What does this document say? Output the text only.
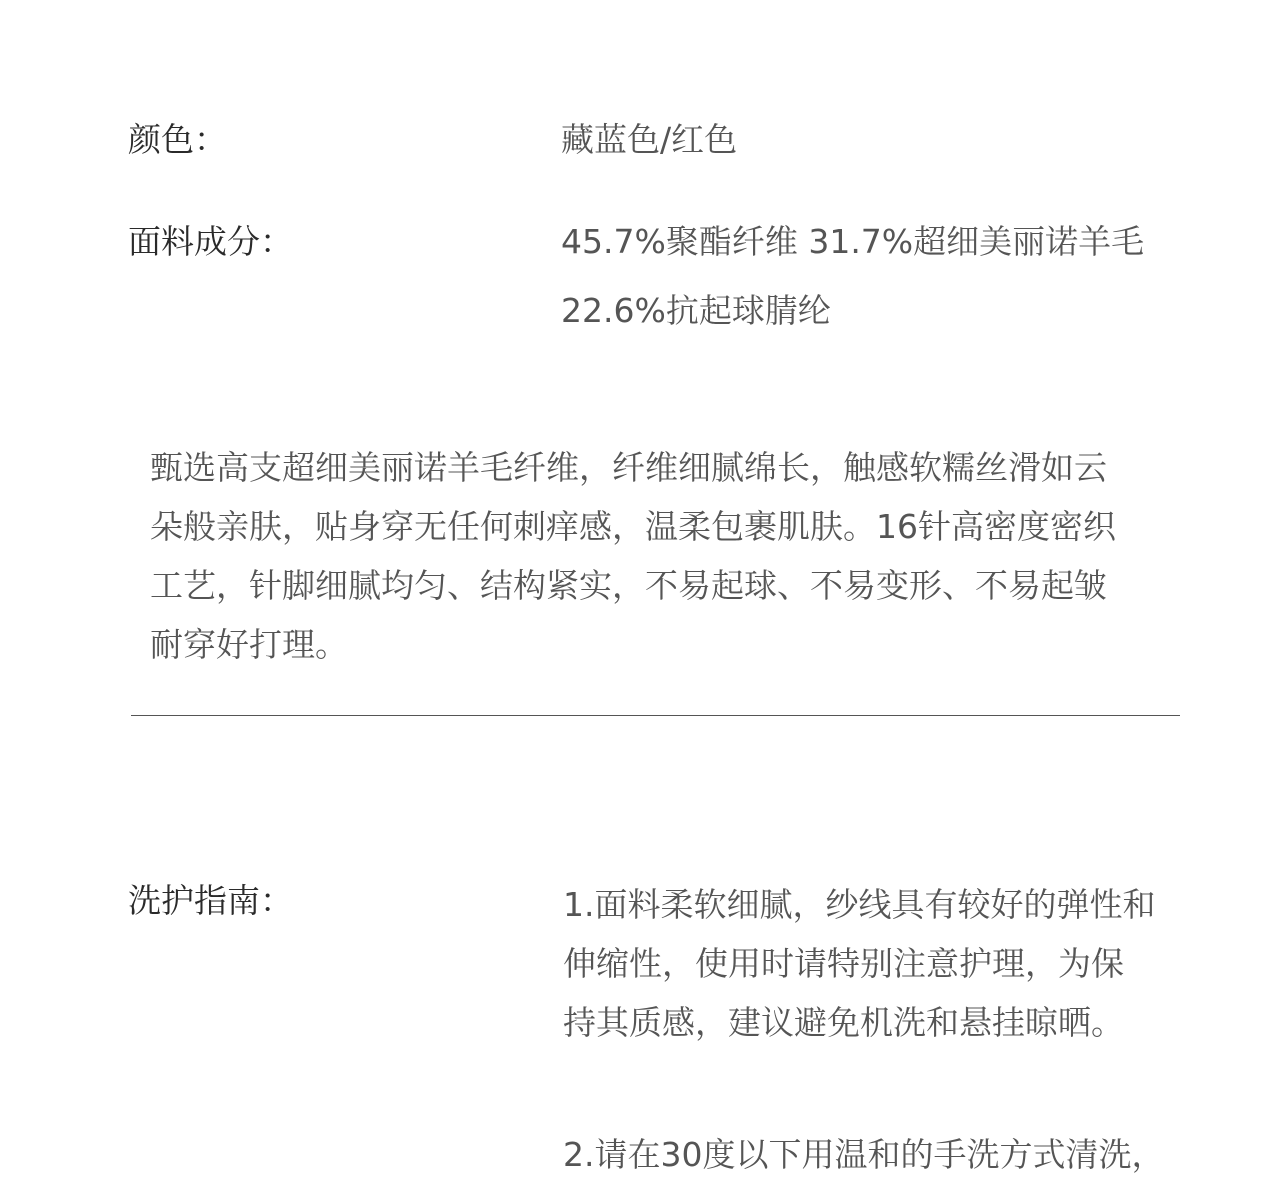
颜色：	藏蓝色/红色
面料成分：	45.7%聚酯纤维 31.7%超细美丽诺羊毛
22.6%抗起球腈纶
甄选高支超细美丽诺羊毛纤维，纤维细腻绵长，触感软糯丝滑如云
朵般亲肤，贴身穿无任何刺痒感，温柔包裹肌肤。16针高密度密织
工艺，针脚细腻均匀、结构紧实，不易起球、不易变形、不易起皱
耐穿好打理。
洗护指南：	1.面料柔软细腻，纱线具有较好的弹性和
伸缩性，使用时请特别注意护理，为保
持其质感，建议避免机洗和悬挂晾晒。
2.请在30度以下用温和的手洗方式清洗，
